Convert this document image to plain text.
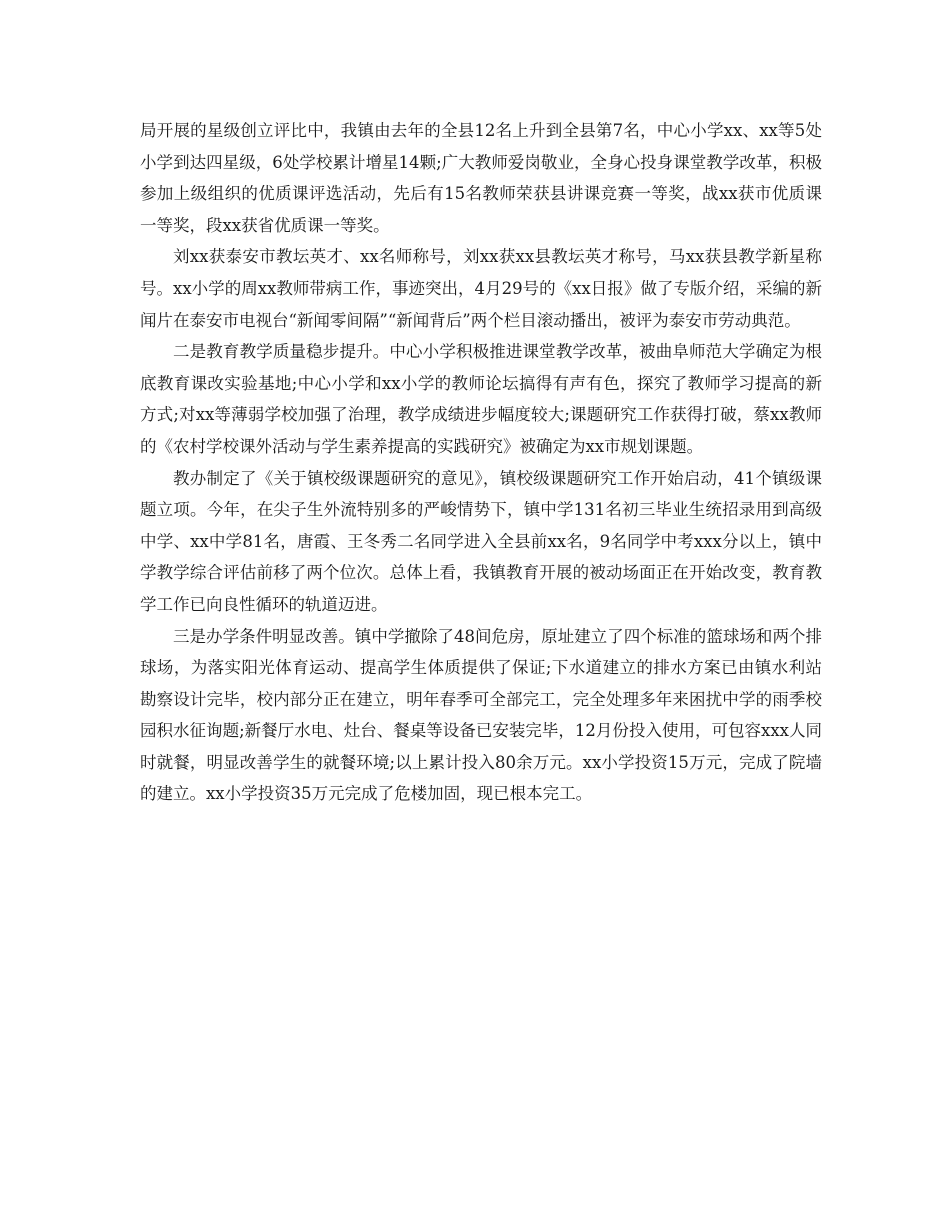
局开展的星级创立评比中，我镇由去年的全县12名上升到全县第7名，中心小学xx、xx等5处小学到达四星级，6处学校累计增星14颗;广大教师爱岗敬业，全身心投身课堂教学改革，积极参加上级组织的优质课评选活动，先后有15名教师荣获县讲课竞赛一等奖，战xx获市优质课一等奖，段xx获省优质课一等奖。

刘xx获泰安市教坛英才、xx名师称号，刘xx获xx县教坛英才称号，马xx获县教学新星称号。xx小学的周xx教师带病工作，事迹突出，4月29号的《xx日报》做了专版介绍，采编的新闻片在泰安市电视台“新闻零间隔”“新闻背后”两个栏目滚动播出，被评为泰安市劳动典范。

二是教育教学质量稳步提升。中心小学积极推进课堂教学改革，被曲阜师范大学确定为根底教育课改实验基地;中心小学和xx小学的教师论坛搞得有声有色，探究了教师学习提高的新方式;对xx等薄弱学校加强了治理，教学成绩进步幅度较大;课题研究工作获得打破，蔡xx教师的《农村学校课外活动与学生素养提高的实践研究》被确定为xx市规划课题。

教办制定了《关于镇校级课题研究的意见》，镇校级课题研究工作开始启动，41个镇级课题立项。今年，在尖子生外流特别多的严峻情势下，镇中学131名初三毕业生统招录用到高级中学、xx中学81名，唐霞、王冬秀二名同学进入全县前xx名，9名同学中考xxx分以上，镇中学教学综合评估前移了两个位次。总体上看，我镇教育开展的被动场面正在开始改变，教育教学工作已向良性循环的轨道迈进。

三是办学条件明显改善。镇中学撤除了48间危房，原址建立了四个标准的篮球场和两个排球场，为落实阳光体育运动、提高学生体质提供了保证;下水道建立的排水方案已由镇水利站勘察设计完毕，校内部分正在建立，明年春季可全部完工，完全处理多年来困扰中学的雨季校园积水征询题;新餐厅水电、灶台、餐桌等设备已安装完毕，12月份投入使用，可包容xxx人同时就餐，明显改善学生的就餐环境;以上累计投入80余万元。xx小学投资15万元，完成了院墙的建立。xx小学投资35万元完成了危楼加固，现已根本完工。
